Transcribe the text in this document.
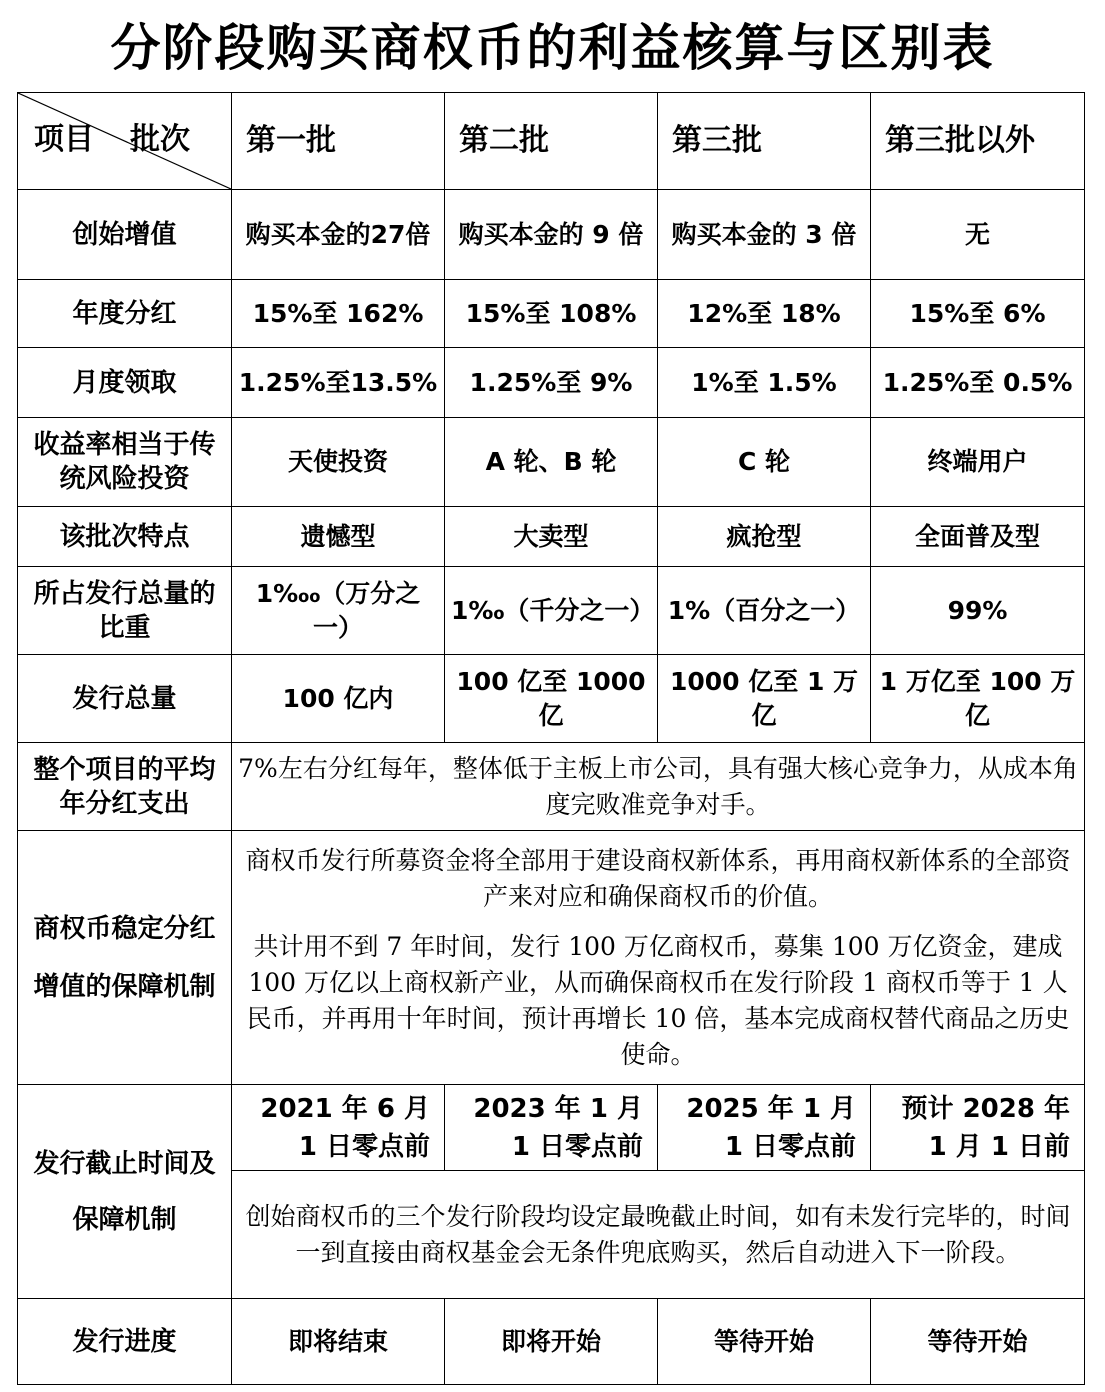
分阶段购买商权币的利益核算与区别表
项目 批次	第一批	第二批	第三批	第三批以外
创始增值	购买本金的27倍	购买本金的 9 倍	购买本金的 3 倍	无
年度分红	15%至 162%	15%至 108%	12%至 18%	15%至 6%
月度领取	1.25%至13.5%	1.25%至 9%	1%至 1.5%	1.25%至 0.5%
收益率相当于传统风险投资	天使投资	A 轮、B 轮	C 轮	终端用户
该批次特点	遗憾型	大卖型	疯抢型	全面普及型
所占发行总量的比重	1‱（万分之一）	1‰（千分之一）	1%（百分之一）	99%
发行总量	100 亿内	100 亿至 1000 亿	1000 亿至 1 万亿	1 万亿至 100 万亿
整个项目的平均年分红支出	7%左右分红每年，整体低于主板上市公司，具有强大核心竞争力，从成本角度完败准竞争对手。			
商权币稳定分红增值的保障机制	商权币发行所募资金将全部用于建设商权新体系，再用商权新体系的全部资产来对应和确保商权币的价值。

共计用不到 7 年时间，发行 100 万亿商权币，募集 100 万亿资金，建成 100 万亿以上商权新产业，从而确保商权币在发行阶段 1 商权币等于 1 人民币，并再用十年时间，预计再增长 10 倍，基本完成商权替代商品之历史使命。			

发行截止时间及保障机制	2021 年 6 月 1 日零点前	2023 年 1 月 1 日零点前	2025 年 1 月 1 日零点前	预计 2028 年 1 月 1 日前
	创始商权币的三个发行阶段均设定最晚截止时间，如有未发行完毕的，时间一到直接由商权基金会无条件兜底购买，然后自动进入下一阶段。			
发行进度	即将结束	即将开始	等待开始	等待开始
